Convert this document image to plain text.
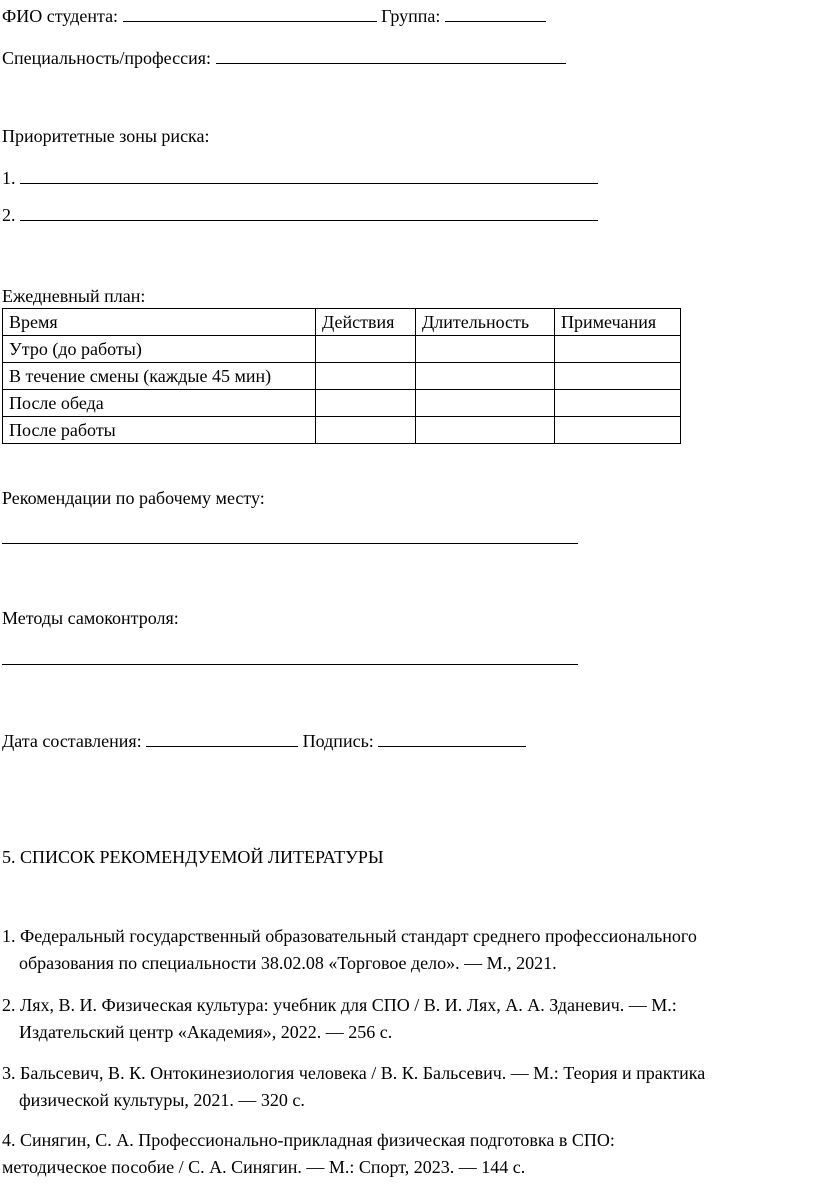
ФИО студента:	Группа:
Специальность/профессия:
Приоритетные зоны риска:
1.
2.
Ежедневный план:
Время	Действия	Длительность	Примечания
Утро (до работы)			
В течение смены (каждые 45 мин)			
После обеда			
После работы			
Рекомендации по рабочему месту:
Методы самоконтроля:
Дата составления:	Подпись:
5. СПИСОК РЕКОМЕНДУЕМОЙ ЛИТЕРАТУРЫ
1. Федеральный государственный образовательный стандарт среднего профессионального
образования по специальности 38.02.08 «Торговое дело». — М., 2021.
2. Лях, В. И. Физическая культура: учебник для СПО / В. И. Лях, А. А. Зданевич. — М.:
Издательский центр «Академия», 2022. — 256 с.
3. Бальсевич, В. К. Онтокинезиология человека / В. К. Бальсевич. — М.: Теория и практика
физической культуры, 2021. — 320 с.
4. Синягин, С. А. Профессионально-прикладная физическая подготовка в СПО:
методическое пособие / С. А. Синягин. — М.: Спорт, 2023. — 144 с.
